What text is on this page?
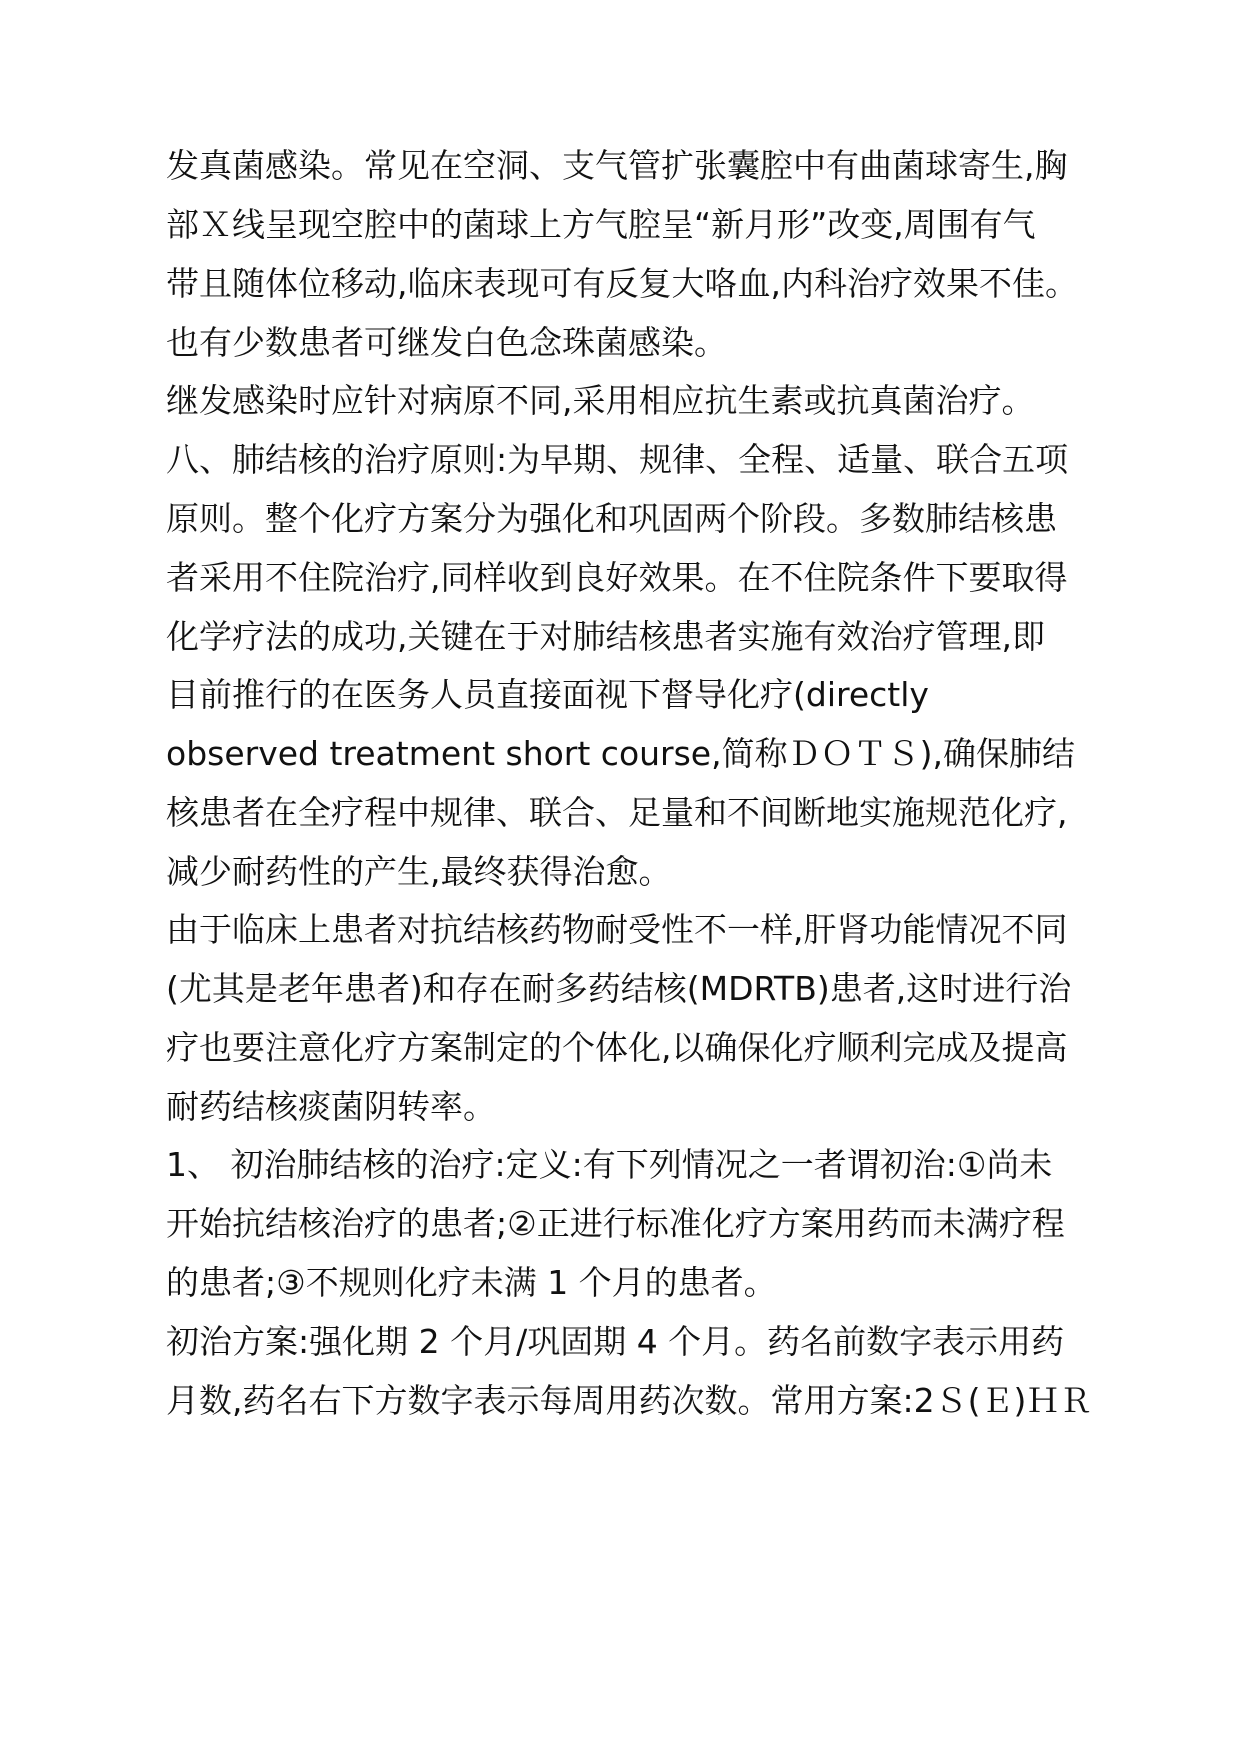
发真菌感染。常见在空洞、支气管扩张囊腔中有曲菌球寄生,胸
部Ｘ线呈现空腔中的菌球上方气腔呈“新月形”改变,周围有气
带且随体位移动,临床表现可有反复大咯血,内科治疗效果不佳。
也有少数患者可继发白色念珠菌感染。
继发感染时应针对病原不同,采用相应抗生素或抗真菌治疗。
八、肺结核的治疗原则:为早期、规律、全程、适量、联合五项
原则。整个化疗方案分为强化和巩固两个阶段。多数肺结核患
者采用不住院治疗,同样收到良好效果。在不住院条件下要取得
化学疗法的成功,关键在于对肺结核患者实施有效治疗管理,即
目前推行的在医务人员直接面视下督导化疗(directly
observed treatment short course,简称ＤＯＴＳ),确保肺结
核患者在全疗程中规律、联合、足量和不间断地实施规范化疗,
减少耐药性的产生,最终获得治愈。
由于临床上患者对抗结核药物耐受性不一样,肝肾功能情况不同
(尤其是老年患者)和存在耐多药结核(MDRTB)患者,这时进行治
疗也要注意化疗方案制定的个体化,以确保化疗顺利完成及提高
耐药结核痰菌阴转率。
1、 初治肺结核的治疗:定义:有下列情况之一者谓初治:①尚未
开始抗结核治疗的患者;②正进行标准化疗方案用药而未满疗程
的患者;③不规则化疗未满 1 个月的患者。
初治方案:强化期 2 个月/巩固期 4 个月。药名前数字表示用药
月数,药名右下方数字表示每周用药次数。常用方案:2Ｓ(Ｅ)ＨＲ
